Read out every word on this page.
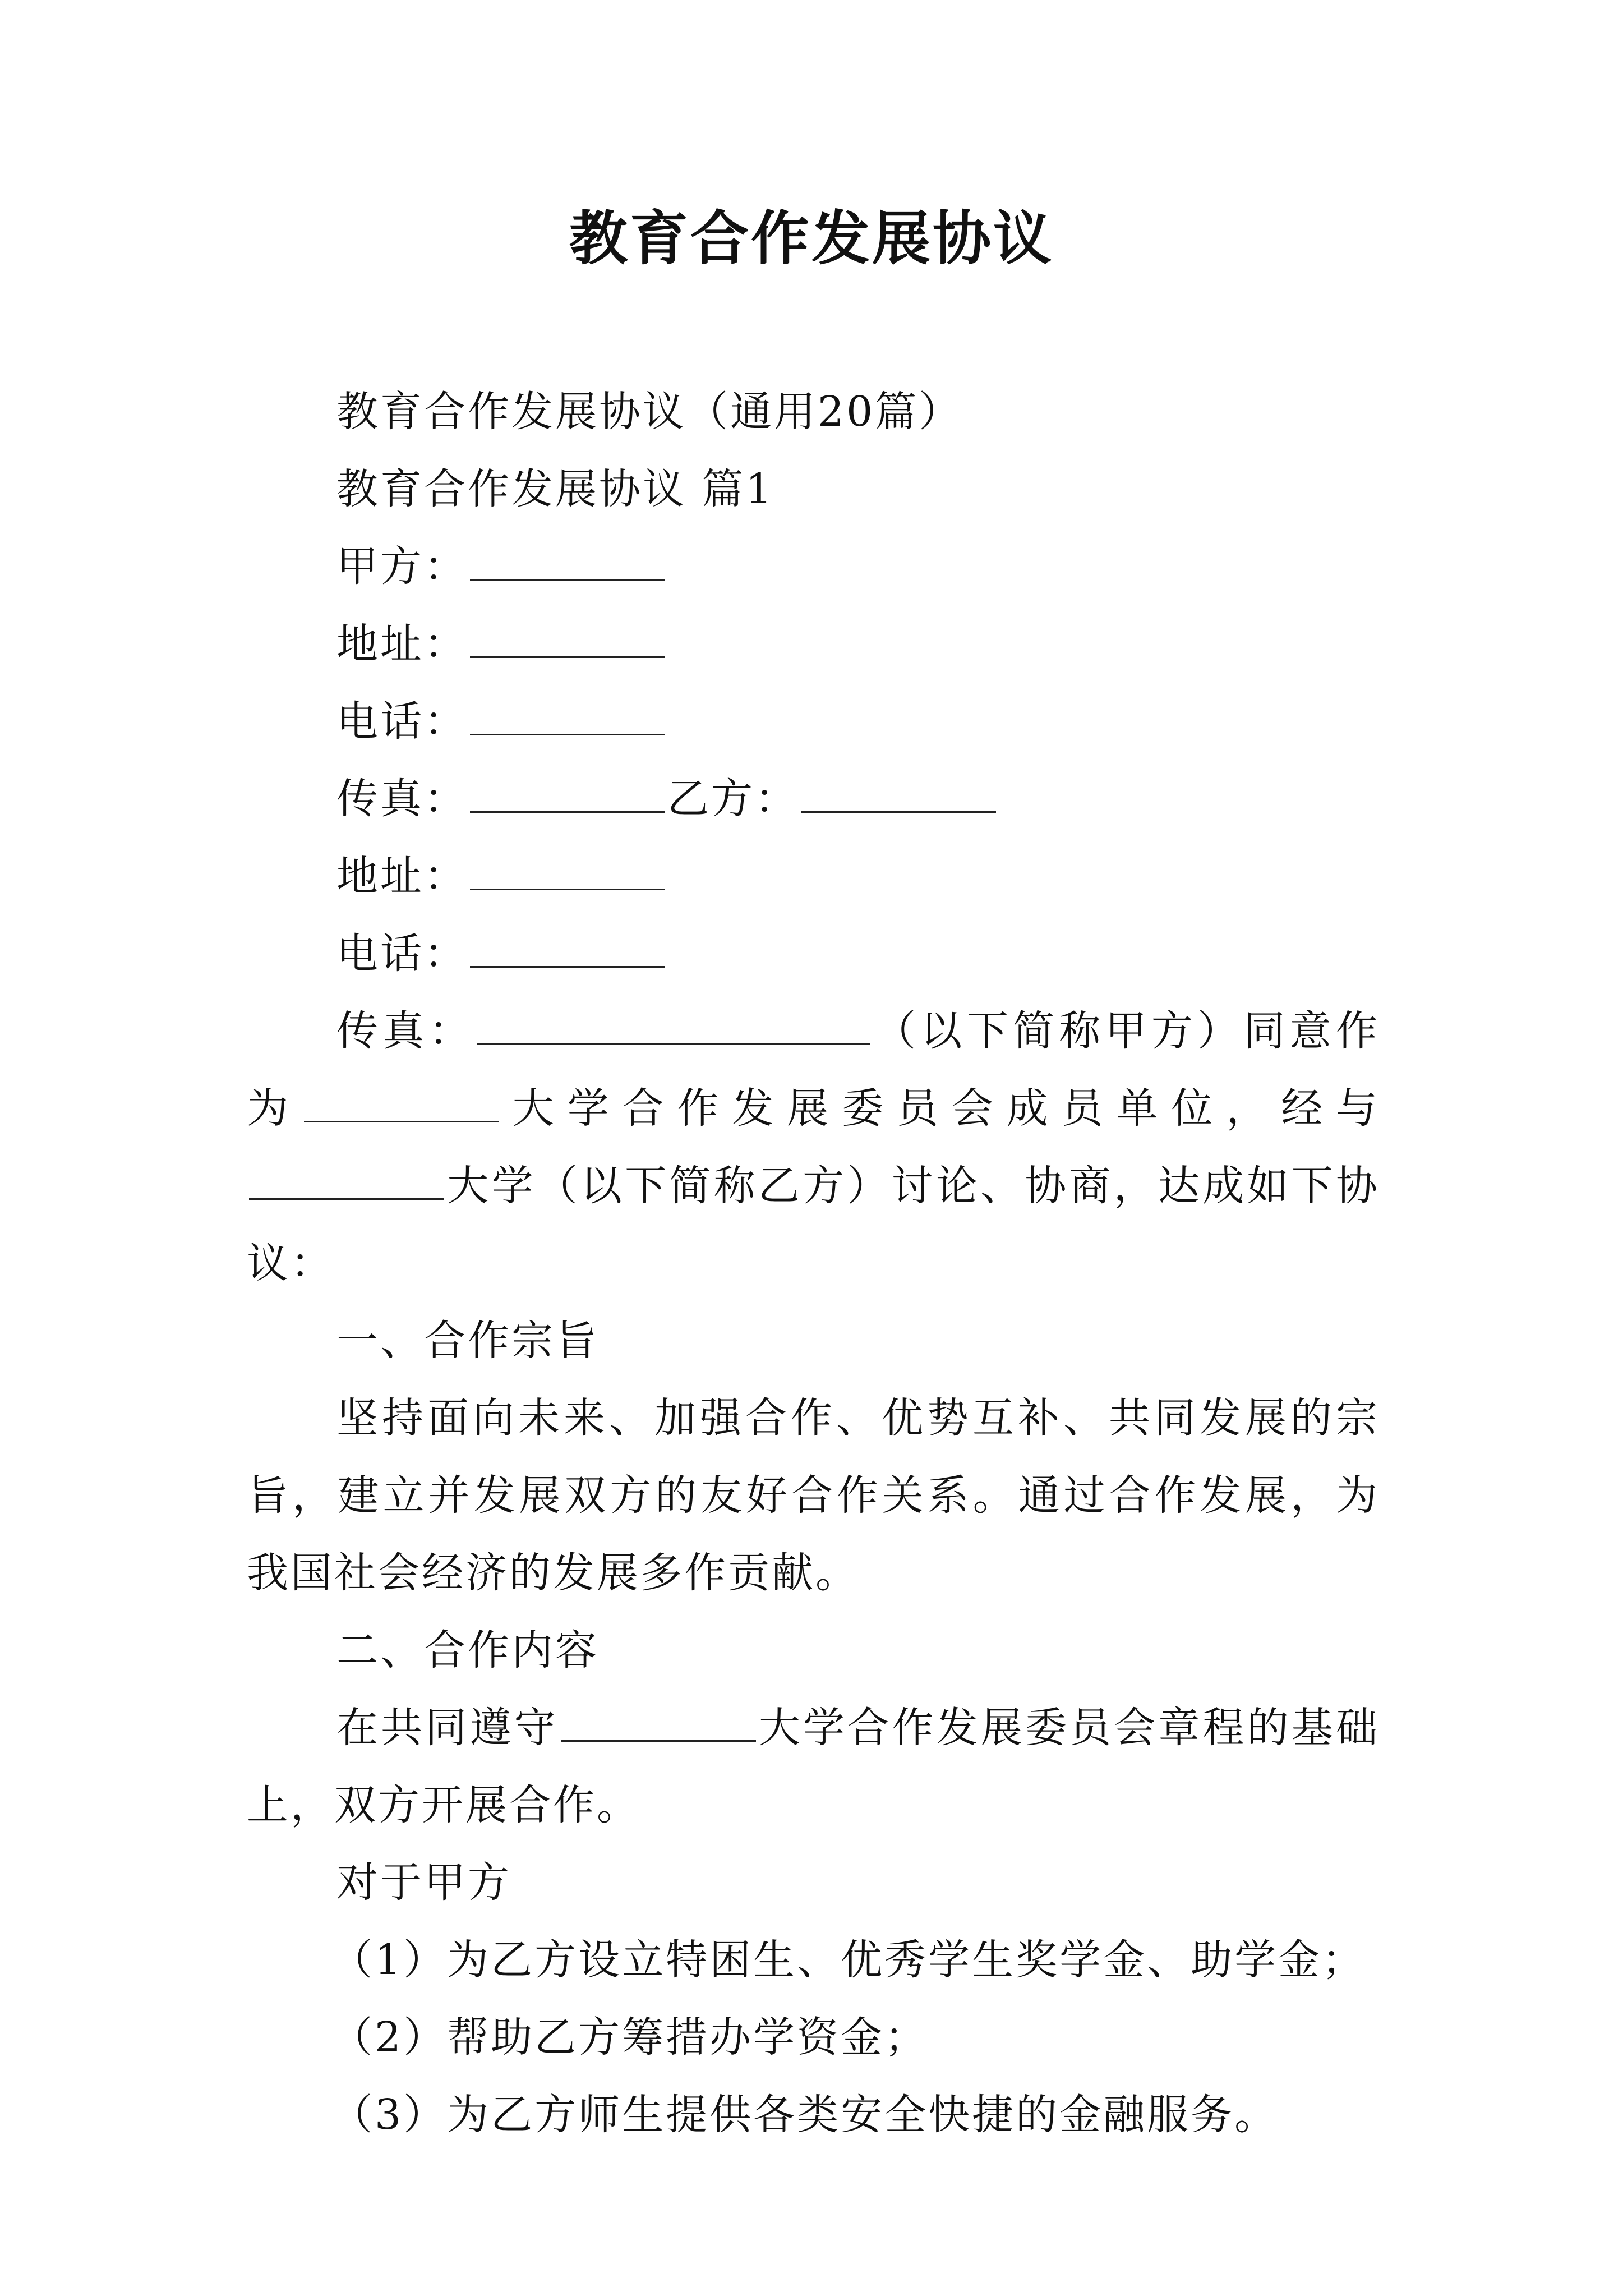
教育合作发展协议

教育合作发展协议（通用20篇）

教育合作发展协议 篇1

甲方：

地址：

电话：

传真：	乙方：

地址：

电话：

传真：	（以下简称甲方）同意作为	大学合作发展委员会成员单位，经与大学（以下简称乙方）讨论、协商，达成如下协议：

一、合作宗旨

坚持面向未来、加强合作、优势互补、共同发展的宗旨，建立并发展双方的友好合作关系。通过合作发展，为我国社会经济的发展多作贡献。

二、合作内容

在共同遵守	大学合作发展委员会章程的基础上，双方开展合作。

对于甲方

（1）为乙方设立特困生、优秀学生奖学金、助学金；

（2）帮助乙方筹措办学资金；

（3）为乙方师生提供各类安全快捷的金融服务。
